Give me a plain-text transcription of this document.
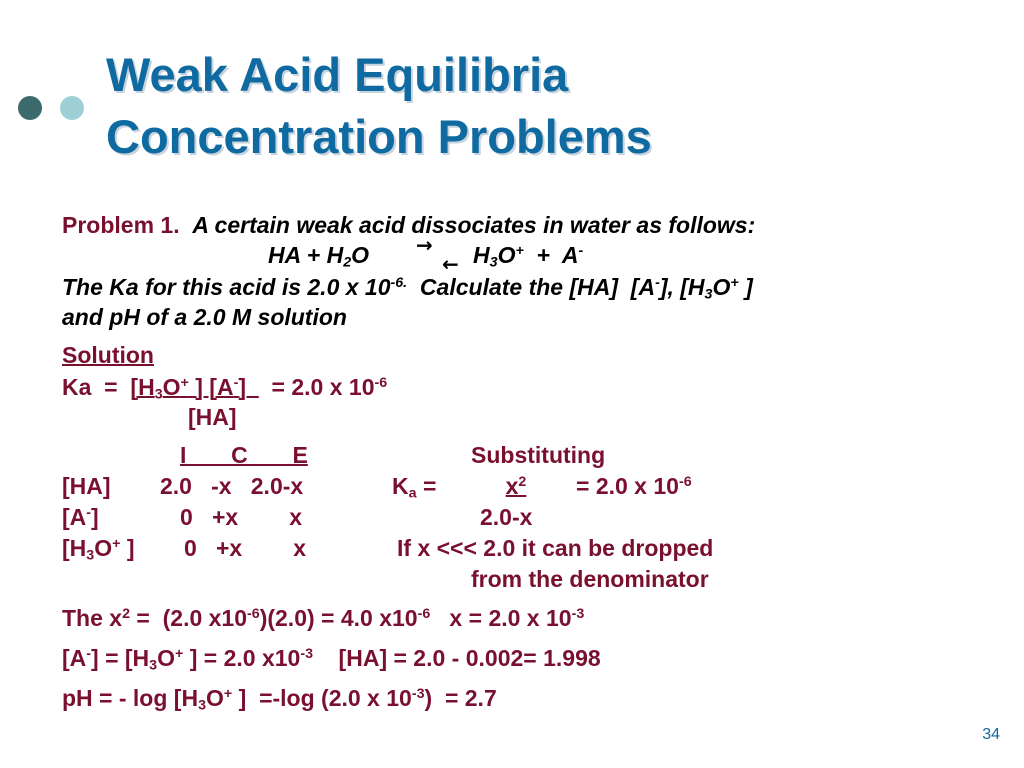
Weak Acid Equilibria
Concentration Problems
Problem 1. A certain weak acid dissociates in water as follows:
HA + $H_2O$ →
← $H_3O^+ + A^-$
The Ka for this acid is 2.0 x $10^{-6.}$  Calculate the [HA]  [A-], [$H_3O^+$ ]
and pH of a 2.0 M solution
Solution
$Ka = [H_3O^+$ ] [A-]    = 2.0 x $10^{-6}$
[HA]
I       C       E	Substituting
[HA] 2.0   -x   2.0-x	$K_a$ =	$x^2$	= 2.0 x $10^{-6}$
[A-]	0   +x        x	2.0-x
[$H_3O^+$ ] 0   +x        x	If x <<< 2.0 it can be dropped
from the denominator
The $x^2 = (2.0$ $x10^{-6})(2.0) = 4.0$ $x10^{-6}$   x = 2.0 x $10^{-3}$
$[A^-] = [H_3O^+$ ] = 2.0 $x10^{-3}$    [HA] = 2.0 - 0.002= 1.998
pH = - $\log [H_3O^+$ ]  =-log (2.0 x $10^{-3}) = 2.7$
34
